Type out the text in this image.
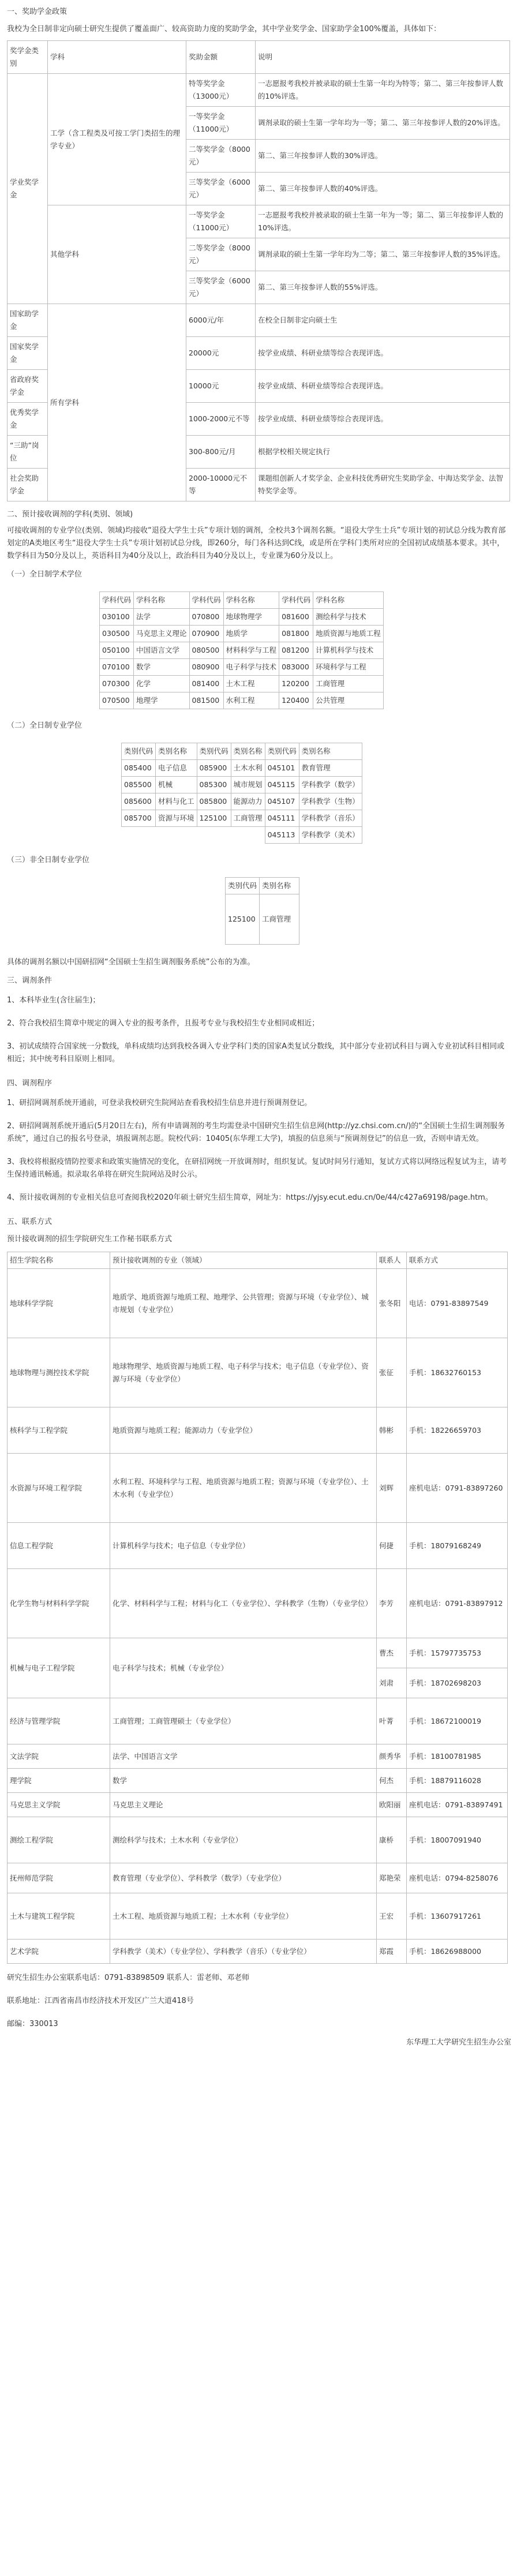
一、奖助学金政策

我校为全日制非定向硕士研究生提供了覆盖面广、较高资助力度的奖助学金，其中学业奖学金、国家助学金100%覆盖，具体如下：

奖学金类别	学科	奖助金额	说明
学业奖学金	工学（含工程类及可按工学门类招生的理学专业）	特等奖学金（13000元）	一志愿报考我校并被录取的硕士生第一年均为特等；第二、第三年按参评人数的10%评选。
		一等奖学金（11000元）	调剂录取的硕士生第一学年均为一等；第二、第三年按参评人数的20%评选。
		二等奖学金（8000元）	第二、第三年按参评人数的30%评选。
		三等奖学金（6000元）	第二、第三年按参评人数的40%评选。
	其他学科	一等奖学金（11000元）	一志愿报考我校并被录取的硕士生第一年为一等；第二、第三年按参评人数的10%评选。
		二等奖学金（8000元）	调剂录取的硕士生第一学年均为二等；第二、第三年按参评人数的35%评选。
		三等奖学金（6000元）	第二、第三年按参评人数的55%评选。
国家助学金	所有学科	6000元/年	在校全日制非定向硕士生
国家奖学金		20000元	按学业成绩、科研业绩等综合表现评选。
省政府奖学金		10000元	按学业成绩、科研业绩等综合表现评选。
优秀奖学金		1000-2000元不等	按学业成绩、科研业绩等综合表现评选。
“三助”岗位		300-800元/月	根据学校相关规定执行
社会奖助学金		2000-10000元不等	课题组创新人才奖学金、企业科技优秀研究生奖助学金、中海达奖学金、法智特奖学金等。

二、预计接收调剂的学科(类别、领域)

可接收调剂的专业学位(类别、领域)均接收“退役大学生士兵”专项计划的调剂，全校共3个调剂名额。“退役大学生士兵”专项计划的初试总分线为教育部划定的A类地区考生“退役大学生士兵”专项计划初试总分线，即260分，每门各科达到C线，或是所在学科门类所对应的全国初试成绩基本要求。其中，数学科目为50分及以上，英语科目为40分及以上，政治科目为40分及以上，专业课为60分及以上。

（一）全日制学术学位

学科代码	学科名称	学科代码	学科名称	学科代码	学科名称
030100	法学	070800	地球物理学	081600	测绘科学与技术
030500	马克思主义理论	070900	地质学	081800	地质资源与地质工程
050100	中国语言文学	080500	材料科学与工程	081200	计算机科学与技术
070100	数学	080900	电子科学与技术	083000	环境科学与工程
070300	化学	081400	土木工程	120200	工商管理
070500	地理学	081500	水利工程	120400	公共管理

（二）全日制专业学位

类别代码	类别名称	类别代码	类别名称	类别代码	类别名称
085400	电子信息	085900	土木水利	045101	教育管理
085500	机械	085300	城市规划	045115	学科教学（数学）
085600	材料与化工	085800	能源动力	045107	学科教学（生物）
085700	资源与环境	125100	工商管理	045111	学科教学（音乐）
				045113	学科教学（美术）

（三）非全日制专业学位

类别代码	类别名称
125100	工商管理

具体的调剂名额以中国研招网“全国硕士生招生调剂服务系统”公布的为准。

三、调剂条件

1、本科毕业生(含往届生)；

2、符合我校招生简章中规定的调入专业的报考条件，且报考专业与我校招生专业相同或相近；

3、初试成绩符合国家统一分数线，单科成绩均达到我校各调入专业学科门类的国家A类复试分数线，其中部分专业初试科目与调入专业初试科目相同或相近；其中统考科目原则上相同。

四、调剂程序

1、研招网调剂系统开通前，可登录我校研究生院网站查看我校招生信息并进行预调剂登记。

2、研招网调剂系统开通后(5月20日左右)，所有申请调剂的考生均需登录中国研究生招生信息网(http://yz.chsi.com.cn/)的“全国硕士生招生调剂服务系统”，通过自己的报名号登录，填报调剂志愿。院校代码：10405(东华理工大学)，填报的信息须与“预调剂登记”的信息一致，否则申请无效。

3、我校将根据疫情防控要求和政策实施情况的变化，在研招网统一开放调剂时，组织复试。复试时间另行通知，复试方式将以网络远程复试为主，请考生保持通讯畅通。拟录取名单将在研究生院网站及时公示。

4、预计接收调剂的专业相关信息可查阅我校2020年硕士研究生招生简章，网址为：https://yjsy.ecut.edu.cn/0e/44/c427a69198/page.htm。

五、联系方式

预计接收调剂的招生学院研究生工作秘书联系方式

招生学院名称	预计接收调剂的专业（领域）	联系人	联系方式
地球科学学院	地质学、地质资源与地质工程、地理学、公共管理；资源与环境（专业学位）、城市规划（专业学位）	张冬阳	电话：0791-83897549
地球物理与测控技术学院	地球物理学、地质资源与地质工程、电子科学与技术；电子信息（专业学位）、资源与环境（专业学位）	张征	手机：18632760153
核科学与工程学院	地质资源与地质工程；能源动力（专业学位）	韩彬	手机：18226659703
水资源与环境工程学院	水利工程、环境科学与工程、地质资源与地质工程；资源与环境（专业学位）、土木水利（专业学位）	刘辉	座机电话：0791-83897260
信息工程学院	计算机科学与技术；电子信息（专业学位）	何捷	手机：18079168249
化学生物与材料科学学院	化学、材料科学与工程；材料与化工（专业学位）、学科教学（生物）（专业学位）	李芳	座机电话：0791-83897912
机械与电子工程学院	电子科学与技术；机械（专业学位）	曹杰	手机：15797735753
		刘肃	手机：18702698203
经济与管理学院	工商管理；工商管理硕士（专业学位）	叶菁	手机：18672100019
文法学院	法学、中国语言文学	颜秀华	手机：18100781985
理学院	数学	何杰	手机：18879116028
马克思主义学院	马克思主义理论	欧阳丽	座机电话：0791-83897491
测绘工程学院	测绘科学与技术；土木水利（专业学位）	康桥	手机：18007091940
抚州师范学院	教育管理（专业学位）、学科教学（数学）（专业学位）	郑艳荣	座机电话：0794-8258076
土木与建筑工程学院	土木工程、地质资源与地质工程；土木水利（专业学位）	王宏	手机：13607917261
艺术学院	学科教学（美术）（专业学位）、学科教学（音乐）（专业学位）	郑霞	手机：18626988000

研究生招生办公室联系电话：0791-83898509 联系人：雷老师、邓老师

联系地址：江西省南昌市经济技术开发区广兰大道418号

邮编：330013

东华理工大学研究生招生办公室
